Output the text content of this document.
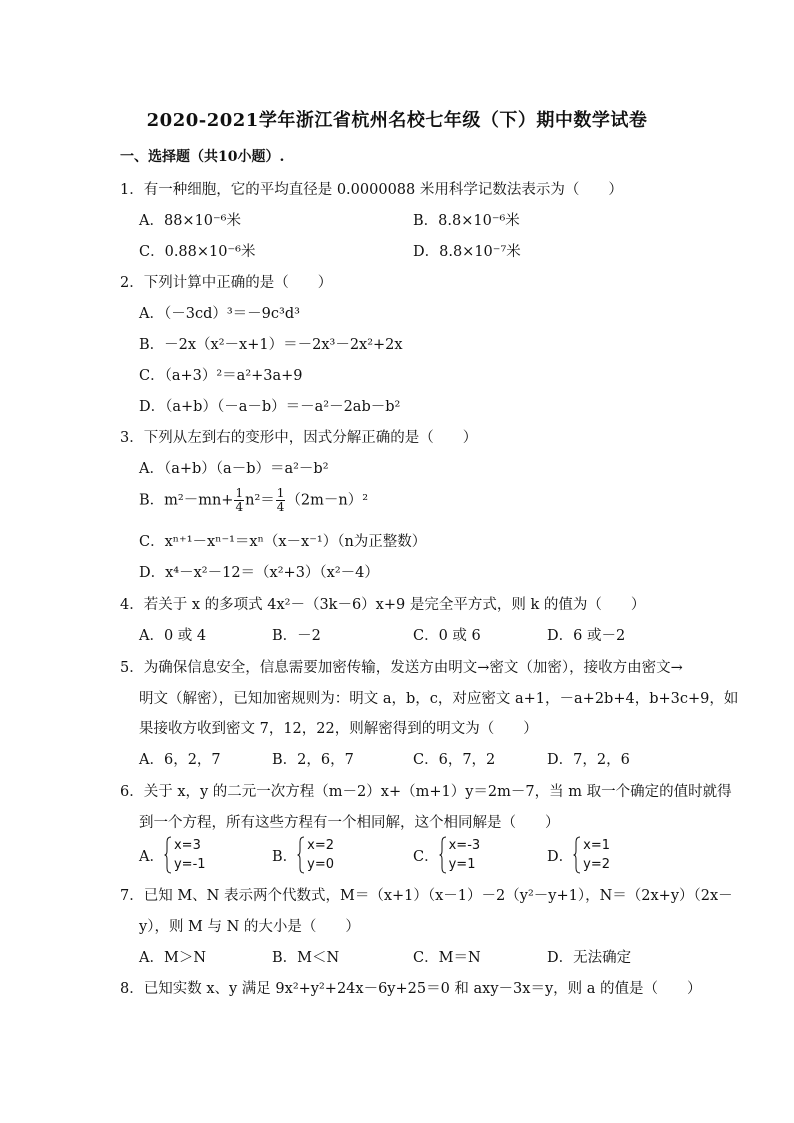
2020-2021学年浙江省杭州名校七年级（下）期中数学试卷
一、选择题（共10小题）.
1．有一种细胞，它的平均直径是 0.0000088 米用科学记数法表示为（　　）
A．88×10⁻⁶米	B．8.8×10⁻⁶米
C．0.88×10⁻⁶米	D．8.8×10⁻⁷米
2．下列计算中正确的是（　　）
A．（－3cd）³＝－9c³d³
B．－2x（x²－x+1）＝－2x³－2x²+2x
C．（a+3）²＝a²+3a+9
D．（a+b）（－a－b）＝－a²－2ab－b²
3．下列从左到右的变形中，因式分解正确的是（　　）
A．（a+b）（a－b）＝a²－b²
B．$m^2-mn+ \frac{1}{4} n^2= \frac{1}{4} (2m-n)^2$
C．xⁿ⁺¹－xⁿ⁻¹＝xⁿ（x－x⁻¹）（n为正整数）
D．x⁴－x²－12＝（x²+3）（x²－4）
4．若关于 x 的多项式 4x²－（3k－6）x+9 是完全平方式，则 k 的值为（　　）
A．0 或 4	B．－2	C．0 或 6	D．6 或－2
5．为确保信息安全，信息需要加密传输，发送方由明文→密文（加密），接收方由密文→
明文（解密），已知加密规则为：明文 a，b，c，对应密文 a+1，－a+2b+4，b+3c+9，如
果接收方收到密文 7，12，22，则解密得到的明文为（　　）
A．6，2，7	B．2，6，7	C．6，7，2	D．7，2，6
6．关于 x，y 的二元一次方程（m－2）x+（m+1）y＝2m－7，当 m 取一个确定的值时就得
到一个方程，所有这些方程有一个相同解，这个相同解是（　　）
A．
x=3
y=-1	B．
x=2
y=0	C．
x=-3
y=1	D．
x=1
y=2
7．已知 M、N 表示两个代数式，M＝（x+1）（x－1）－2（y²－y+1），N＝（2x+y）（2x－
y），则 M 与 N 的大小是（　　）
A．M＞N	B．M＜N	C．M＝N	D．无法确定
8．已知实数 x、y 满足 9x²+y²+24x－6y+25＝0 和 axy－3x＝y，则 a 的值是（　　）
